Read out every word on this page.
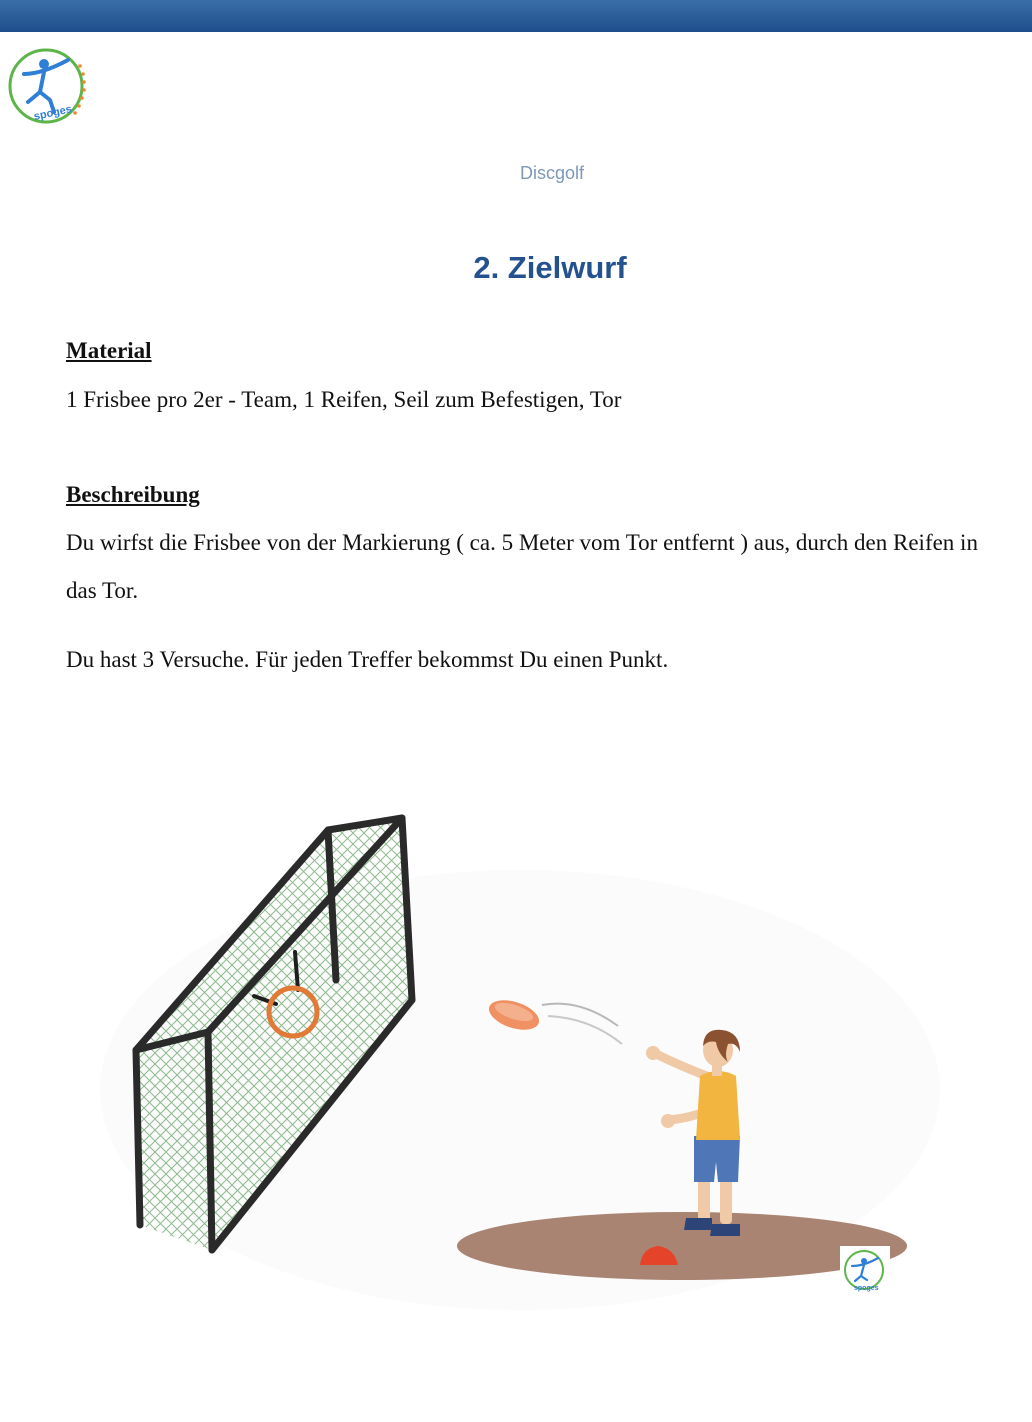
spoges
Discgolf
2. Zielwurf
Material

1 Frisbee pro 2er - Team, 1 Reifen, Seil zum Befestigen, Tor

Beschreibung

Du wirfst die Frisbee von der Markierung ( ca. 5 Meter vom Tor entfernt ) aus, durch den Reifen in das Tor.

Du hast 3 Versuche. Für jeden Treffer bekommst Du einen Punkt.

spoges
